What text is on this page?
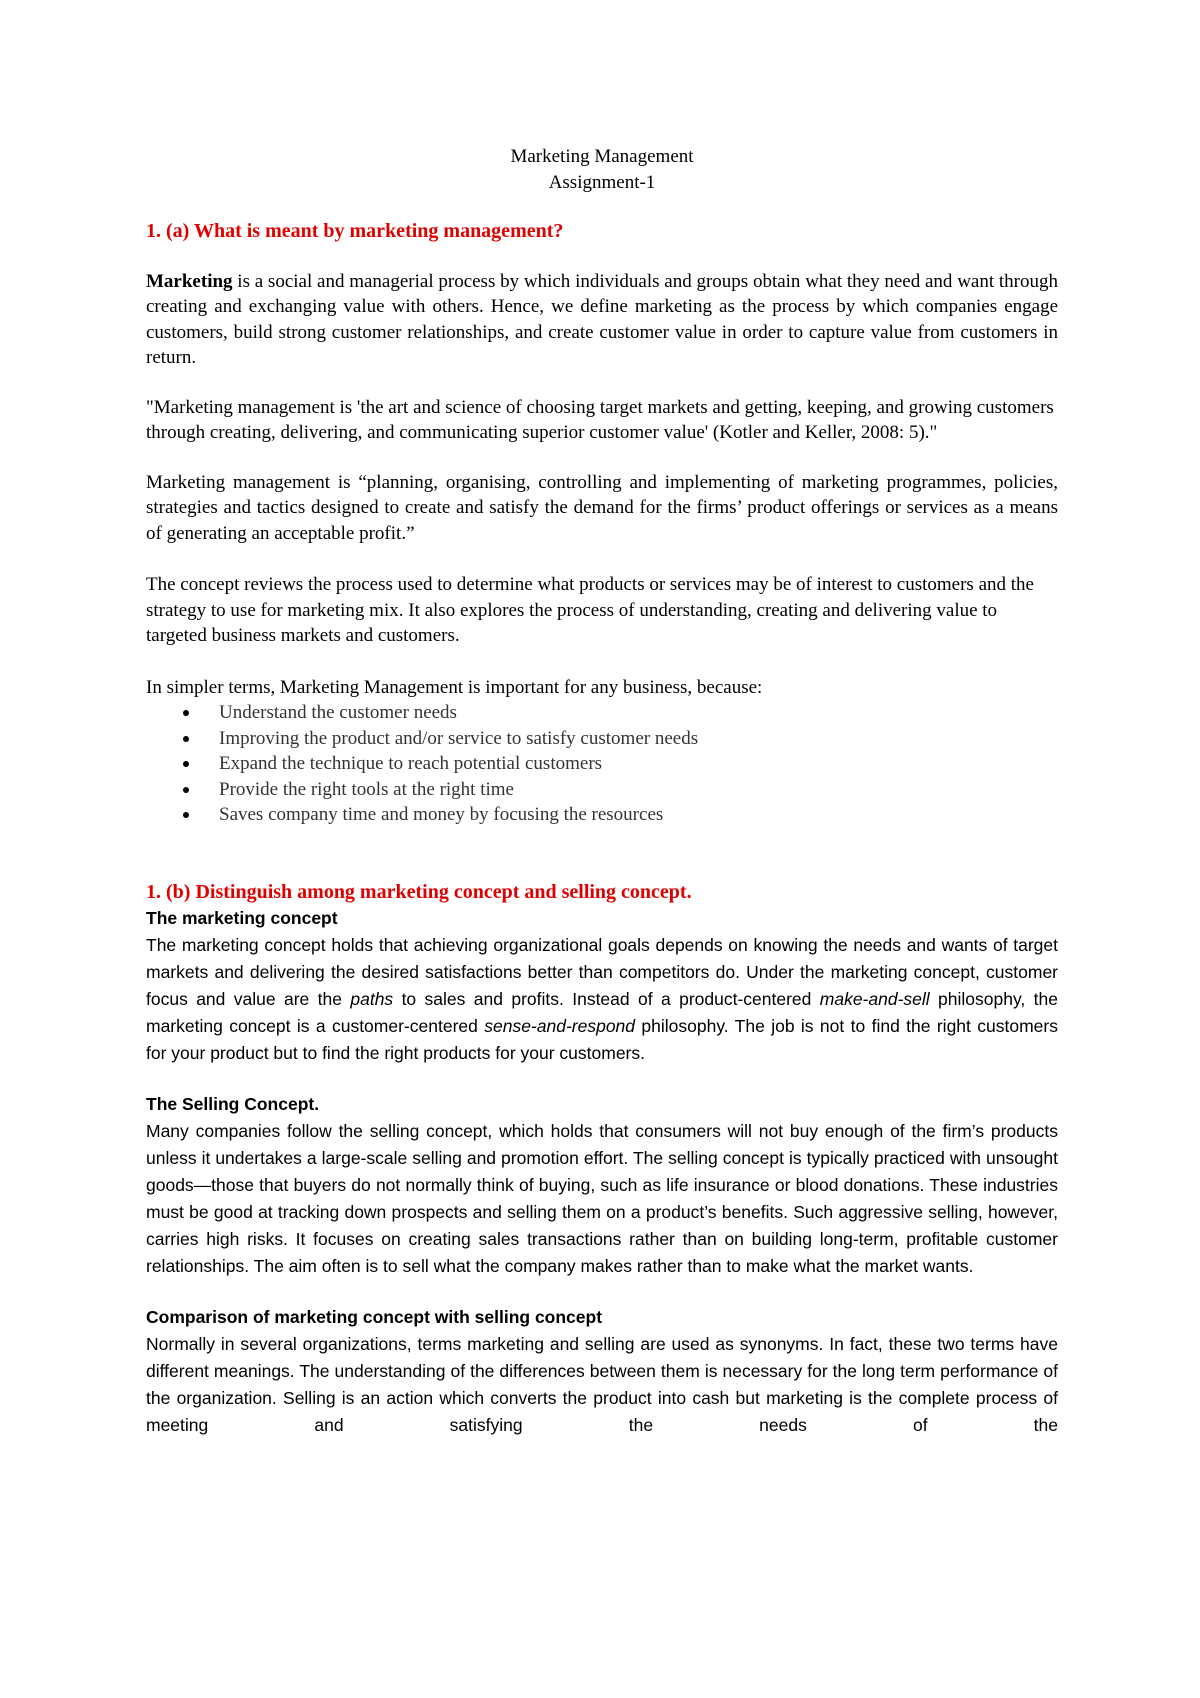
Marketing Management

Assignment-1

1. (a) What is meant by marketing management?

Marketing is a social and managerial process by which individuals and groups obtain what they need and want through creating and exchanging value with others. Hence, we define marketing as the process by which companies engage customers, build strong customer relationships, and create customer value in order to capture value from customers in return.

"Marketing management is 'the art and science of choosing target markets and getting, keeping, and growing customers through creating, delivering, and communicating superior customer value' (Kotler and Keller, 2008: 5)."

Marketing management is “planning, organising, controlling and implementing of marketing programmes, policies, strategies and tactics designed to create and satisfy the demand for the firms’ product offerings or services as a means of generating an acceptable profit.”

The concept reviews the process used to determine what products or services may be of interest to customers and the strategy to use for marketing mix. It also explores the process of understanding, creating and delivering value to targeted business markets and customers.

In simpler terms, Marketing Management is important for any business, because:

Understand the customer needs
Improving the product and/or service to satisfy customer needs
Expand the technique to reach potential customers
Provide the right tools at the right time
Saves company time and money by focusing the resources

1. (b) Distinguish among marketing concept and selling concept.

The marketing concept

The marketing concept holds that achieving organizational goals depends on knowing the needs and wants of target markets and delivering the desired satisfactions better than competitors do. Under the marketing concept, customer focus and value are the paths to sales and profits. Instead of a product-centered make-and-sell philosophy, the marketing concept is a customer-centered sense-and-respond philosophy. The job is not to find the right customers for your product but to find the right products for your customers.

The Selling Concept.

Many companies follow the selling concept, which holds that consumers will not buy enough of the firm’s products unless it undertakes a large-scale selling and promotion effort. The selling concept is typically practiced with unsought goods—those that buyers do not normally think of buying, such as life insurance or blood donations. These industries must be good at tracking down prospects and selling them on a product’s benefits. Such aggressive selling, however, carries high risks. It focuses on creating sales transactions rather than on building long-term, profitable customer relationships. The aim often is to sell what the company makes rather than to make what the market wants.

Comparison of marketing concept with selling concept

Normally in several organizations, terms marketing and selling are used as synonyms. In fact, these two terms have different meanings. The understanding of the differences between them is necessary for the long term performance of the organization. Selling is an action which converts the product into cash but marketing is the complete process of meeting and satisfying the needs of the
